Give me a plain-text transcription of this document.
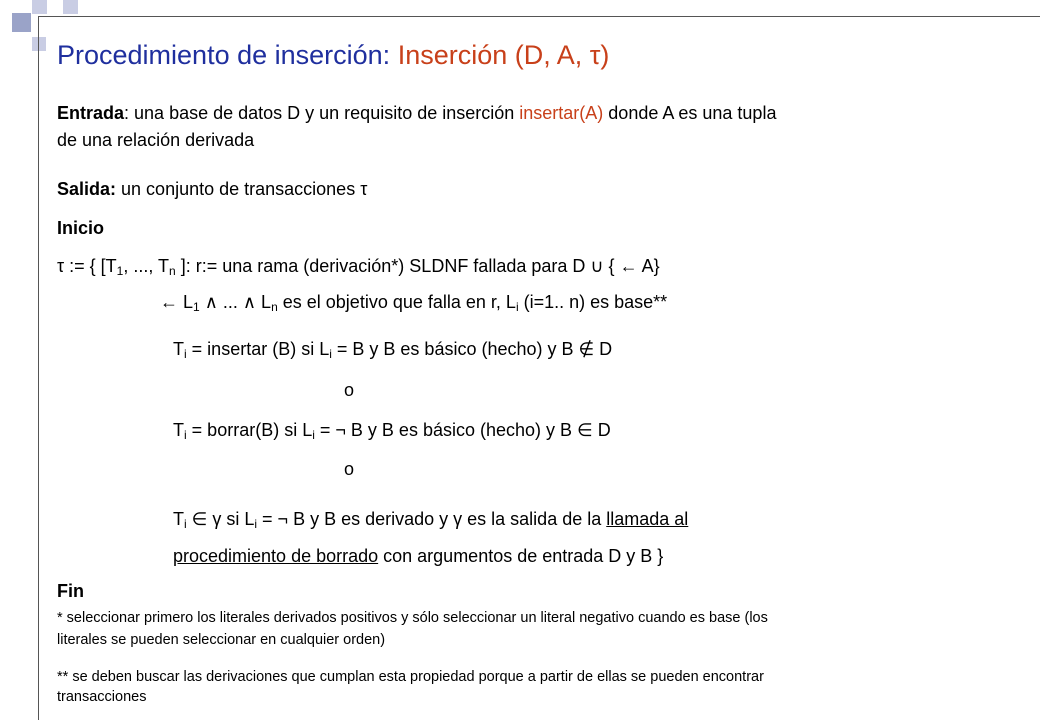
Procedimiento de inserción: Inserción (D, A, τ)
Entrada: una base de datos D y un requisito de inserción insertar(A) donde A es una tupla
de una relación derivada
Salida: un conjunto de transacciones τ
Inicio
τ := { [$T_1$, ..., $T_n$ ]: r:= una rama (derivación*) SLDNF fallada para D ∪ { ← A}
← $L_1$ ∧ ... ∧ $L_n$ es el objetivo que falla en r, $L_i$ (i=1.. n) es base**
$T_i$ = insertar (B) si $L_i = B$ y B es básico (hecho) y B ∉ D
o
$T_i$ = borrar(B) si $L_i$ = ¬ B y B es básico (hecho) y B ∈ D
o
$T_i$ ∈ γ si $L_i$ = ¬ B y B es derivado y γ es la salida de la llamada al
procedimiento de borrado con argumentos de entrada D y B }
Fin
* seleccionar primero los literales derivados positivos y sólo seleccionar un literal negativo cuando es base (los
literales se pueden seleccionar en cualquier orden)
** se deben buscar las derivaciones que cumplan esta propiedad porque a partir de ellas se pueden encontrar
transacciones
